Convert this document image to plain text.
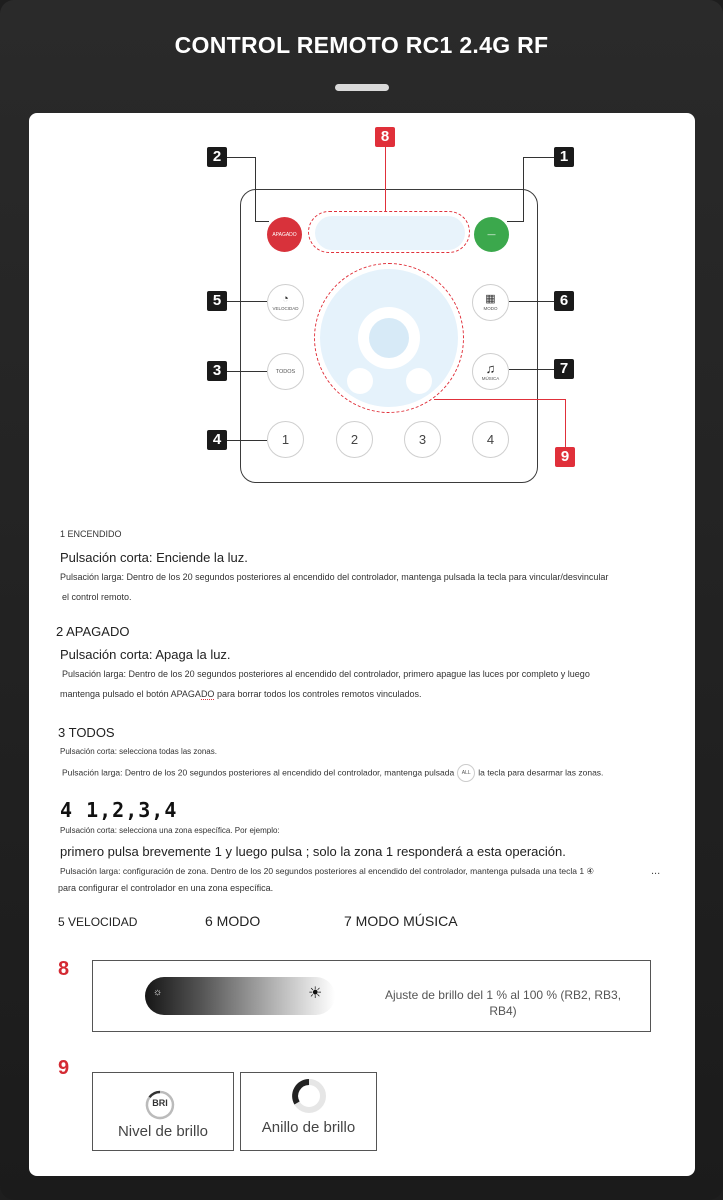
CONTROL REMOTO RC1 2.4G RF
APAGADO	—
◔
VELOCIDAD
▦
MODO
TODOS	♫
MÚSICA
1	2	3	4
2	1
8
5	6
3	7
4
9
1 ENCENDIDO
Pulsación corta: Enciende la luz.
Pulsación larga: Dentro de los 20 segundos posteriores al encendido del controlador, mantenga pulsada la tecla para vincular/desvincular
el control remoto.
2 APAGADO
Pulsación corta: Apaga la luz.
Pulsación larga: Dentro de los 20 segundos posteriores al encendido del controlador, primero apague las luces por completo y luego
mantenga pulsado el botón APAGADO para borrar todos los controles remotos vinculados.
3 TODOS
Pulsación corta: selecciona todas las zonas.
Pulsación larga: Dentro de los 20 segundos posteriores al encendido del controlador, mantenga pulsada ALL la tecla para desarmar las zonas.
4 1,2,3,4
Pulsación corta: selecciona una zona específica. Por ejemplo:
primero pulsa brevemente 1 y luego pulsa ; solo la zona 1 responderá a esta operación.
Pulsación larga: configuración de zona. Dentro de los 20 segundos posteriores al encendido del controlador, mantenga pulsada una tecla 1 ④	...
para configurar el controlador en una zona específica.
5 VELOCIDAD	6 MODO	7 MODO MÚSICA
8
☼	☀	Ajuste de brillo del 1 % al 100 % (RB2, RB3, RB4)
9
BRI
Nivel de brillo	Anillo de brillo
